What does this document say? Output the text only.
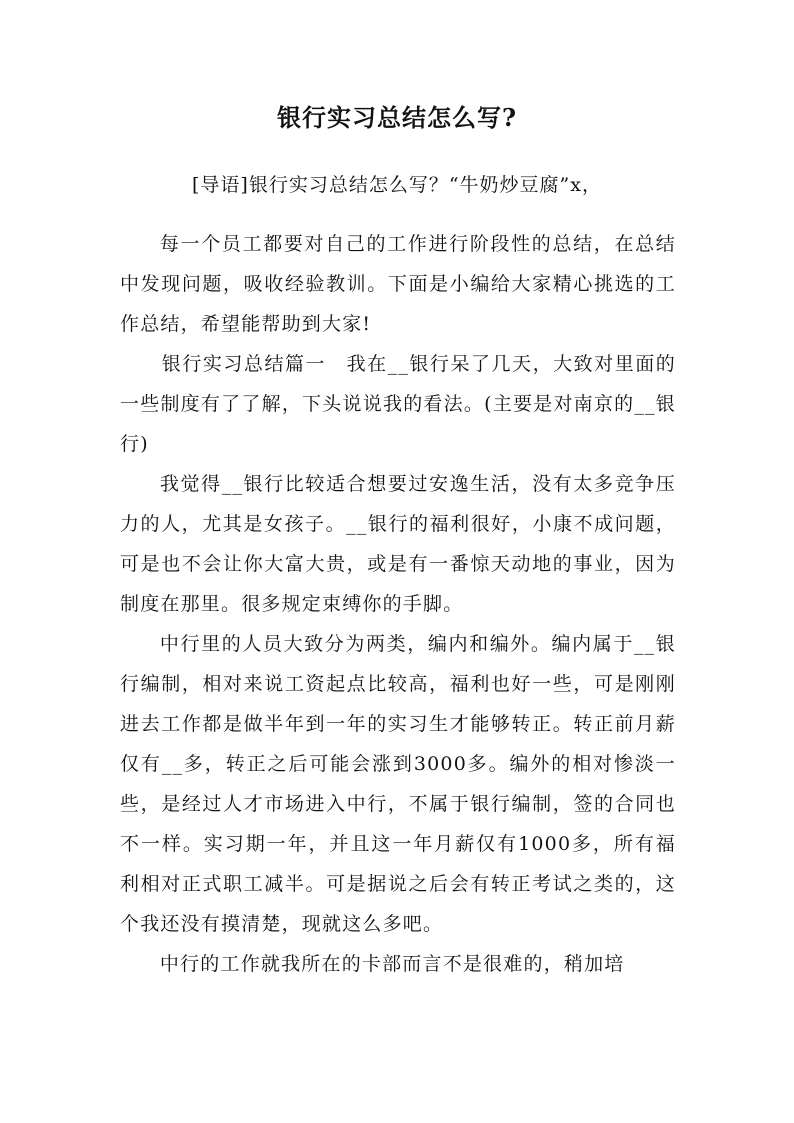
银行实习总结怎么写?
[导语]银行实习总结怎么写？“牛奶炒豆腐”x，

每一个员工都要对自己的工作进行阶段性的总结，在总结中发现问题，吸收经验教训。下面是小编给大家精心挑选的工作总结，希望能帮助到大家!

银行实习总结篇一　我在__银行呆了几天，大致对里面的一些制度有了了解，下头说说我的看法。(主要是对南京的__银行)

我觉得__银行比较适合想要过安逸生活，没有太多竞争压力的人，尤其是女孩子。__银行的福利很好，小康不成问题，可是也不会让你大富大贵，或是有一番惊天动地的事业，因为制度在那里。很多规定束缚你的手脚。

中行里的人员大致分为两类，编内和编外。编内属于__银行编制，相对来说工资起点比较高，福利也好一些，可是刚刚进去工作都是做半年到一年的实习生才能够转正。转正前月薪仅有__多，转正之后可能会涨到3000多。编外的相对惨淡一些，是经过人才市场进入中行，不属于银行编制，签的合同也不一样。实习期一年，并且这一年月薪仅有1000多，所有福利相对正式职工减半。可是据说之后会有转正考试之类的，这个我还没有摸清楚，现就这么多吧。

中行的工作就我所在的卡部而言不是很难的，稍加培
